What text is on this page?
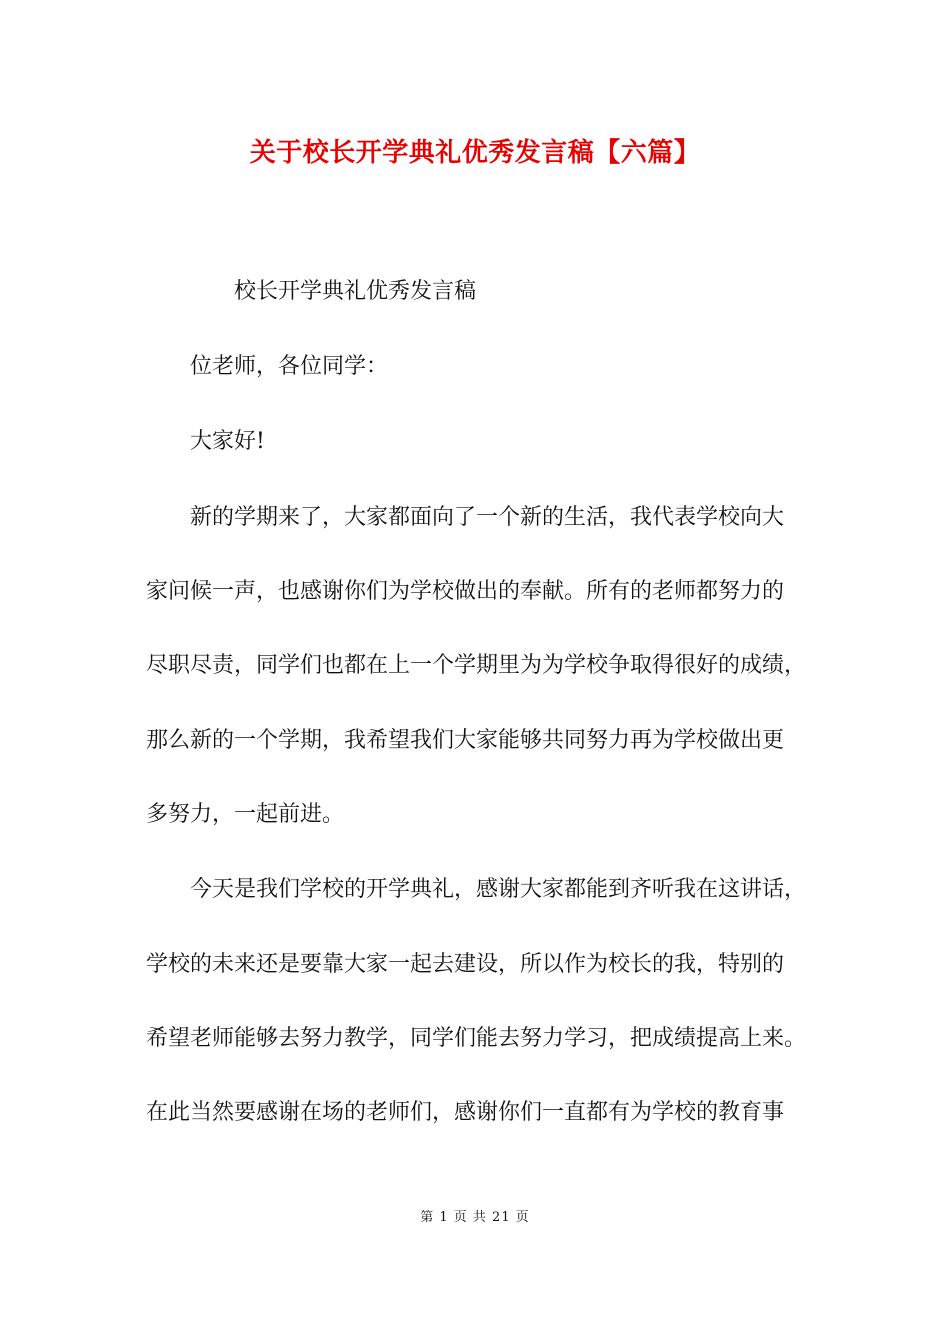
关于校长开学典礼优秀发言稿【六篇】
校长开学典礼优秀发言稿
位老师，各位同学：
大家好!
新的学期来了，大家都面向了一个新的生活，我代表学校向大
家问候一声，也感谢你们为学校做出的奉献。所有的老师都努力的
尽职尽责，同学们也都在上一个学期里为为学校争取得很好的成绩，
那么新的一个学期，我希望我们大家能够共同努力再为学校做出更
多努力，一起前进。
今天是我们学校的开学典礼，感谢大家都能到齐听我在这讲话，
学校的未来还是要靠大家一起去建设，所以作为校长的我，特别的
希望老师能够去努力教学，同学们能去努力学习，把成绩提高上来。
在此当然要感谢在场的老师们，感谢你们一直都有为学校的教育事
第 1 页 共 21 页
